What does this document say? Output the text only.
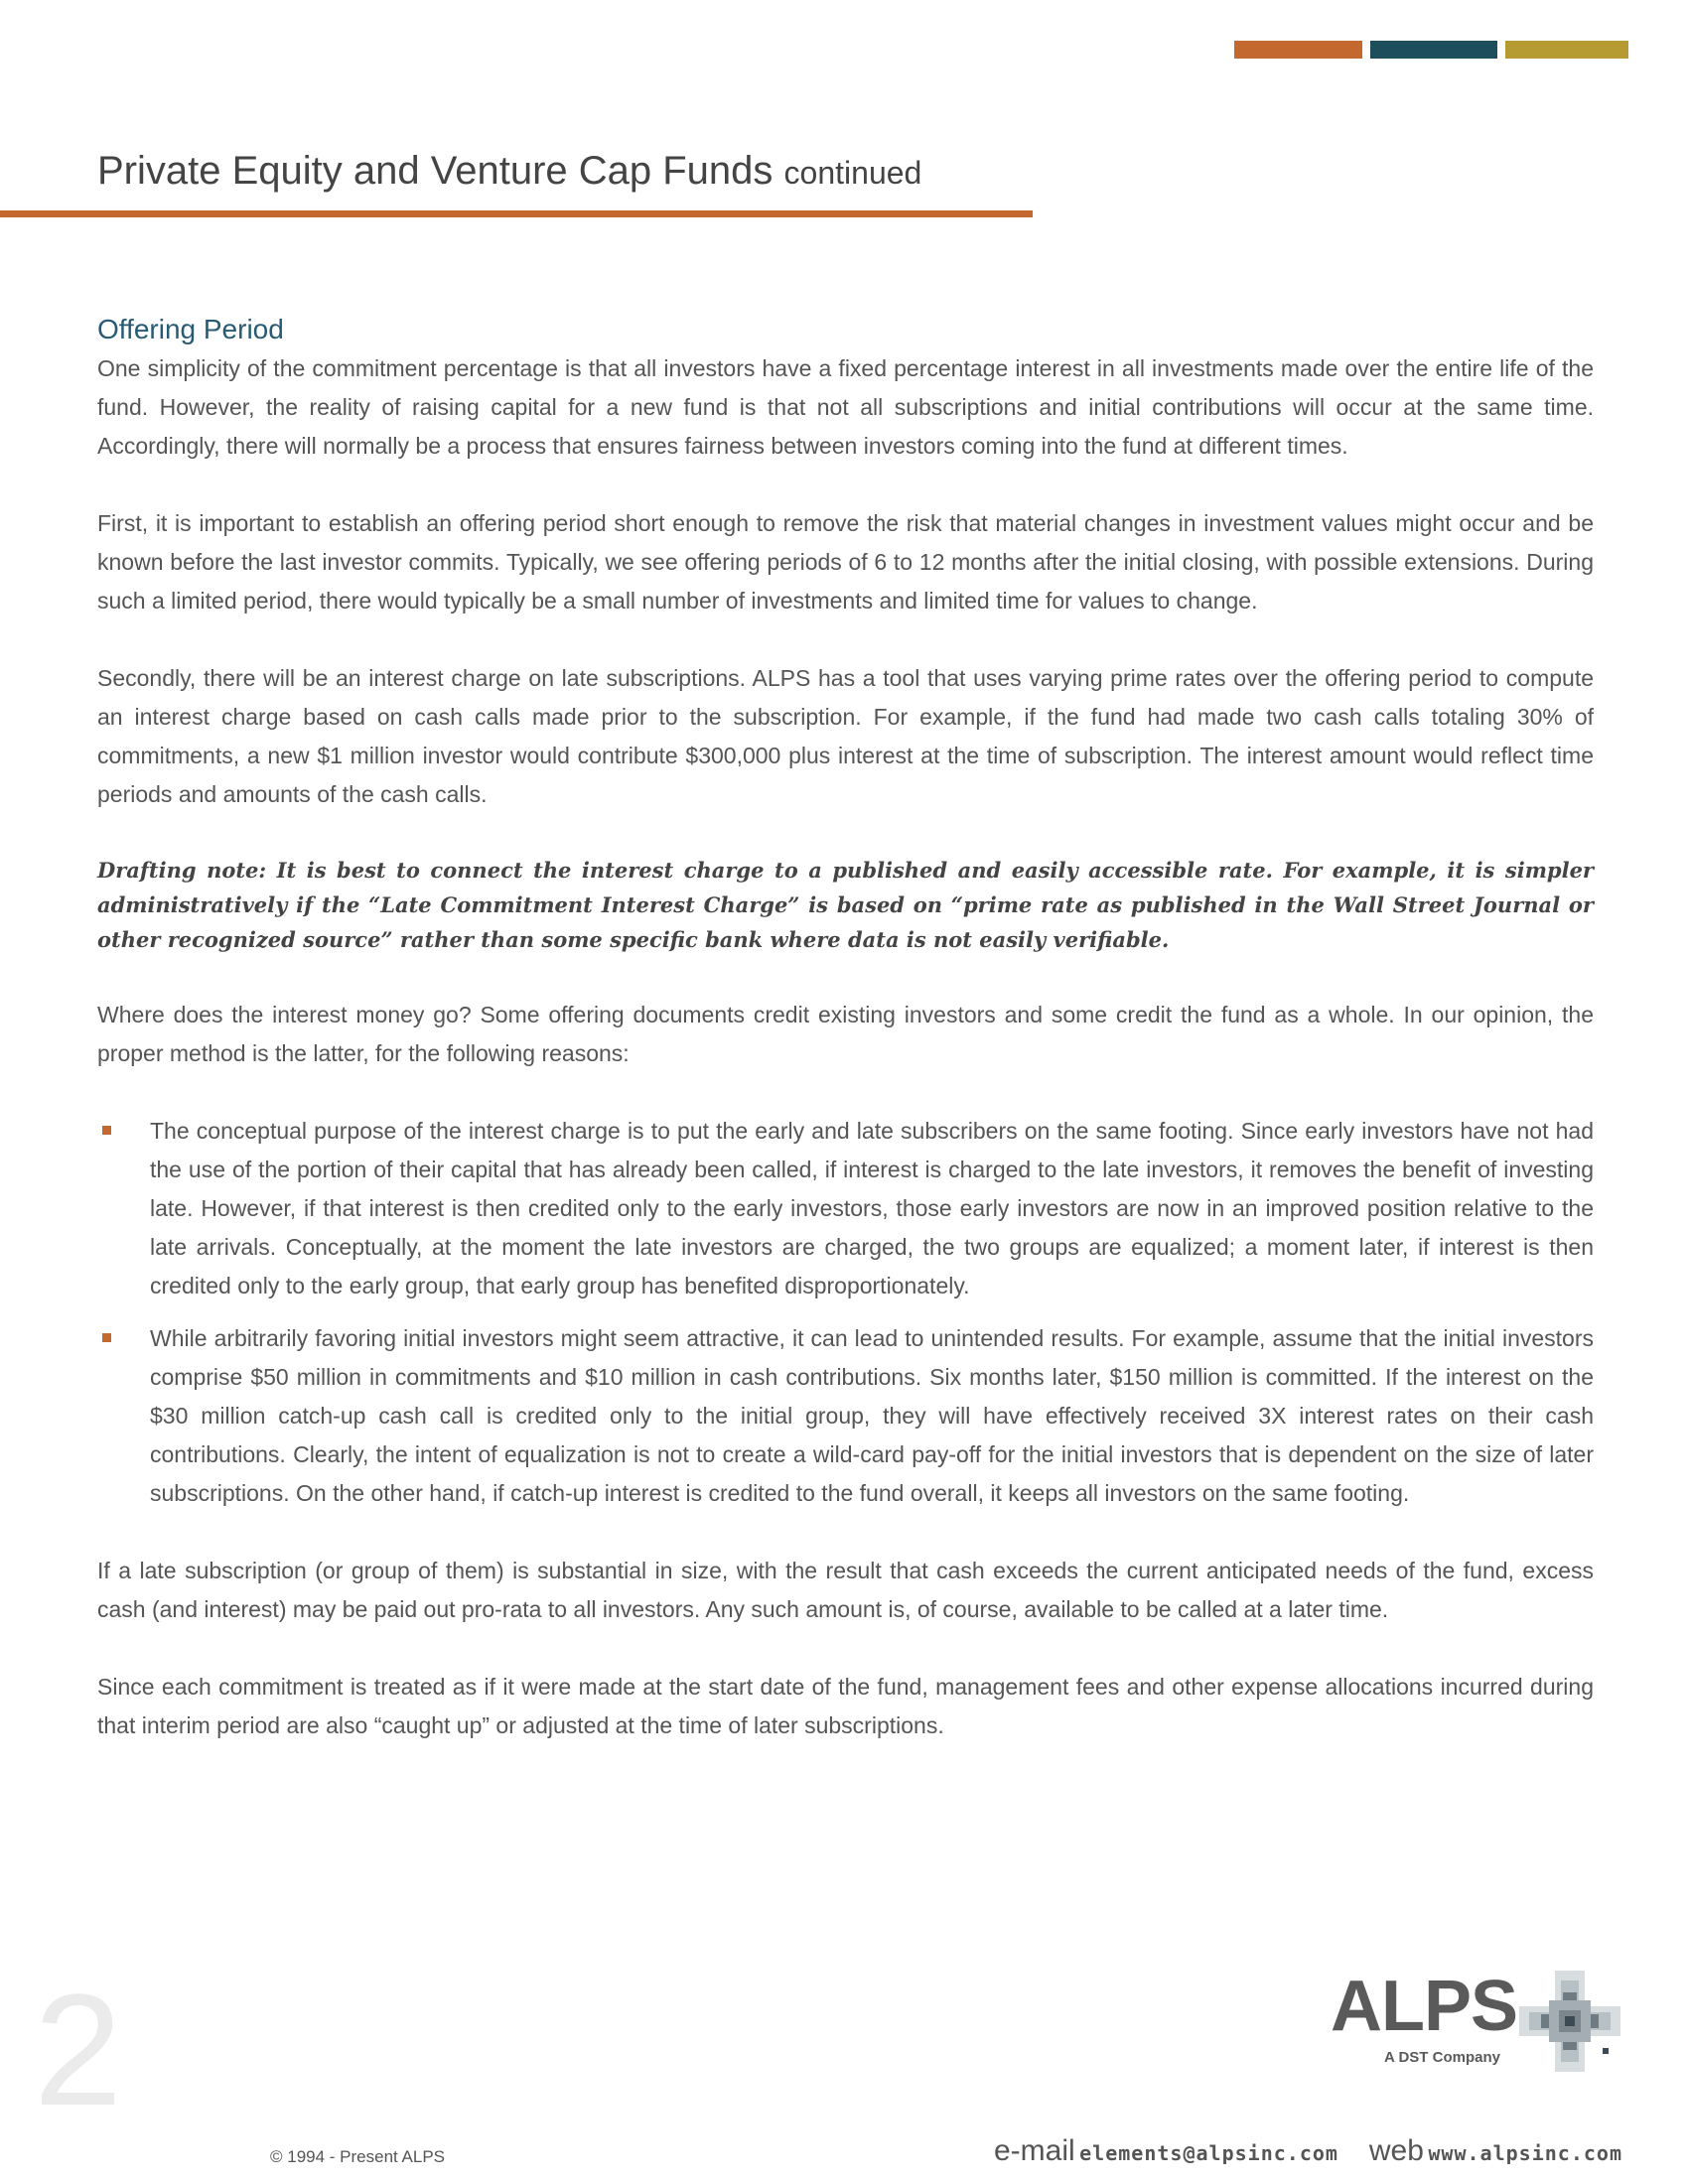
Private Equity and Venture Cap Funds continued
Offering Period

One simplicity of the commitment percentage is that all investors have a fixed percentage interest in all investments made over the entire life of the fund. However, the reality of raising capital for a new fund is that not all subscriptions and initial contributions will occur at the same time. Accordingly, there will normally be a process that ensures fairness between investors coming into the fund at different times.

First, it is important to establish an offering period short enough to remove the risk that material changes in investment values might occur and be known before the last investor commits. Typically, we see offering periods of 6 to 12 months after the initial closing, with possible extensions. During such a limited period, there would typically be a small number of investments and limited time for values to change.

Secondly, there will be an interest charge on late subscriptions. ALPS has a tool that uses varying prime rates over the offering period to compute an interest charge based on cash calls made prior to the subscription. For example, if the fund had made two cash calls totaling 30% of commitments, a new $1 million investor would contribute $300,000 plus interest at the time of subscription. The interest amount would reflect time periods and amounts of the cash calls.

Drafting note: It is best to connect the interest charge to a published and easily accessible rate. For example, it is simpler administratively if the “Late Commitment Interest Charge” is based on “prime rate as published in the Wall Street Journal or other recognized source” rather than some specific bank where data is not easily verifiable.

Where does the interest money go? Some offering documents credit existing investors and some credit the fund as a whole. In our opinion, the proper method is the latter, for the following reasons:

The conceptual purpose of the interest charge is to put the early and late subscribers on the same footing. Since early investors have not had the use of the portion of their capital that has already been called, if interest is charged to the late investors, it removes the benefit of investing late. However, if that interest is then credited only to the early investors, those early investors are now in an improved position relative to the late arrivals. Conceptually, at the moment the late investors are charged, the two groups are equalized; a moment later, if interest is then credited only to the early group, that early group has benefited disproportionately.
While arbitrarily favoring initial investors might seem attractive, it can lead to unintended results. For example, assume that the initial investors comprise $50 million in commitments and $10 million in cash contributions. Six months later, $150 million is committed. If the interest on the $30 million catch-up cash call is credited only to the initial group, they will have effectively received 3X interest rates on their cash contributions. Clearly, the intent of equalization is not to create a wild-card pay-off for the initial investors that is dependent on the size of later subscriptions. On the other hand, if catch-up interest is credited to the fund overall, it keeps all investors on the same footing.

If a late subscription (or group of them) is substantial in size, with the result that cash exceeds the current anticipated needs of the fund, excess cash (and interest) may be paid out pro-rata to all investors. Any such amount is, of course, available to be called at a later time.

Since each commitment is treated as if it were made at the start date of the fund, management fees and other expense allocations incurred during that interim period are also “caught up” or adjusted at the time of later subscriptions.

2
© 1994 - Present ALPS
ALPS
A DST Company
e-mail elements@alpsinc.com web www.alpsinc.com
